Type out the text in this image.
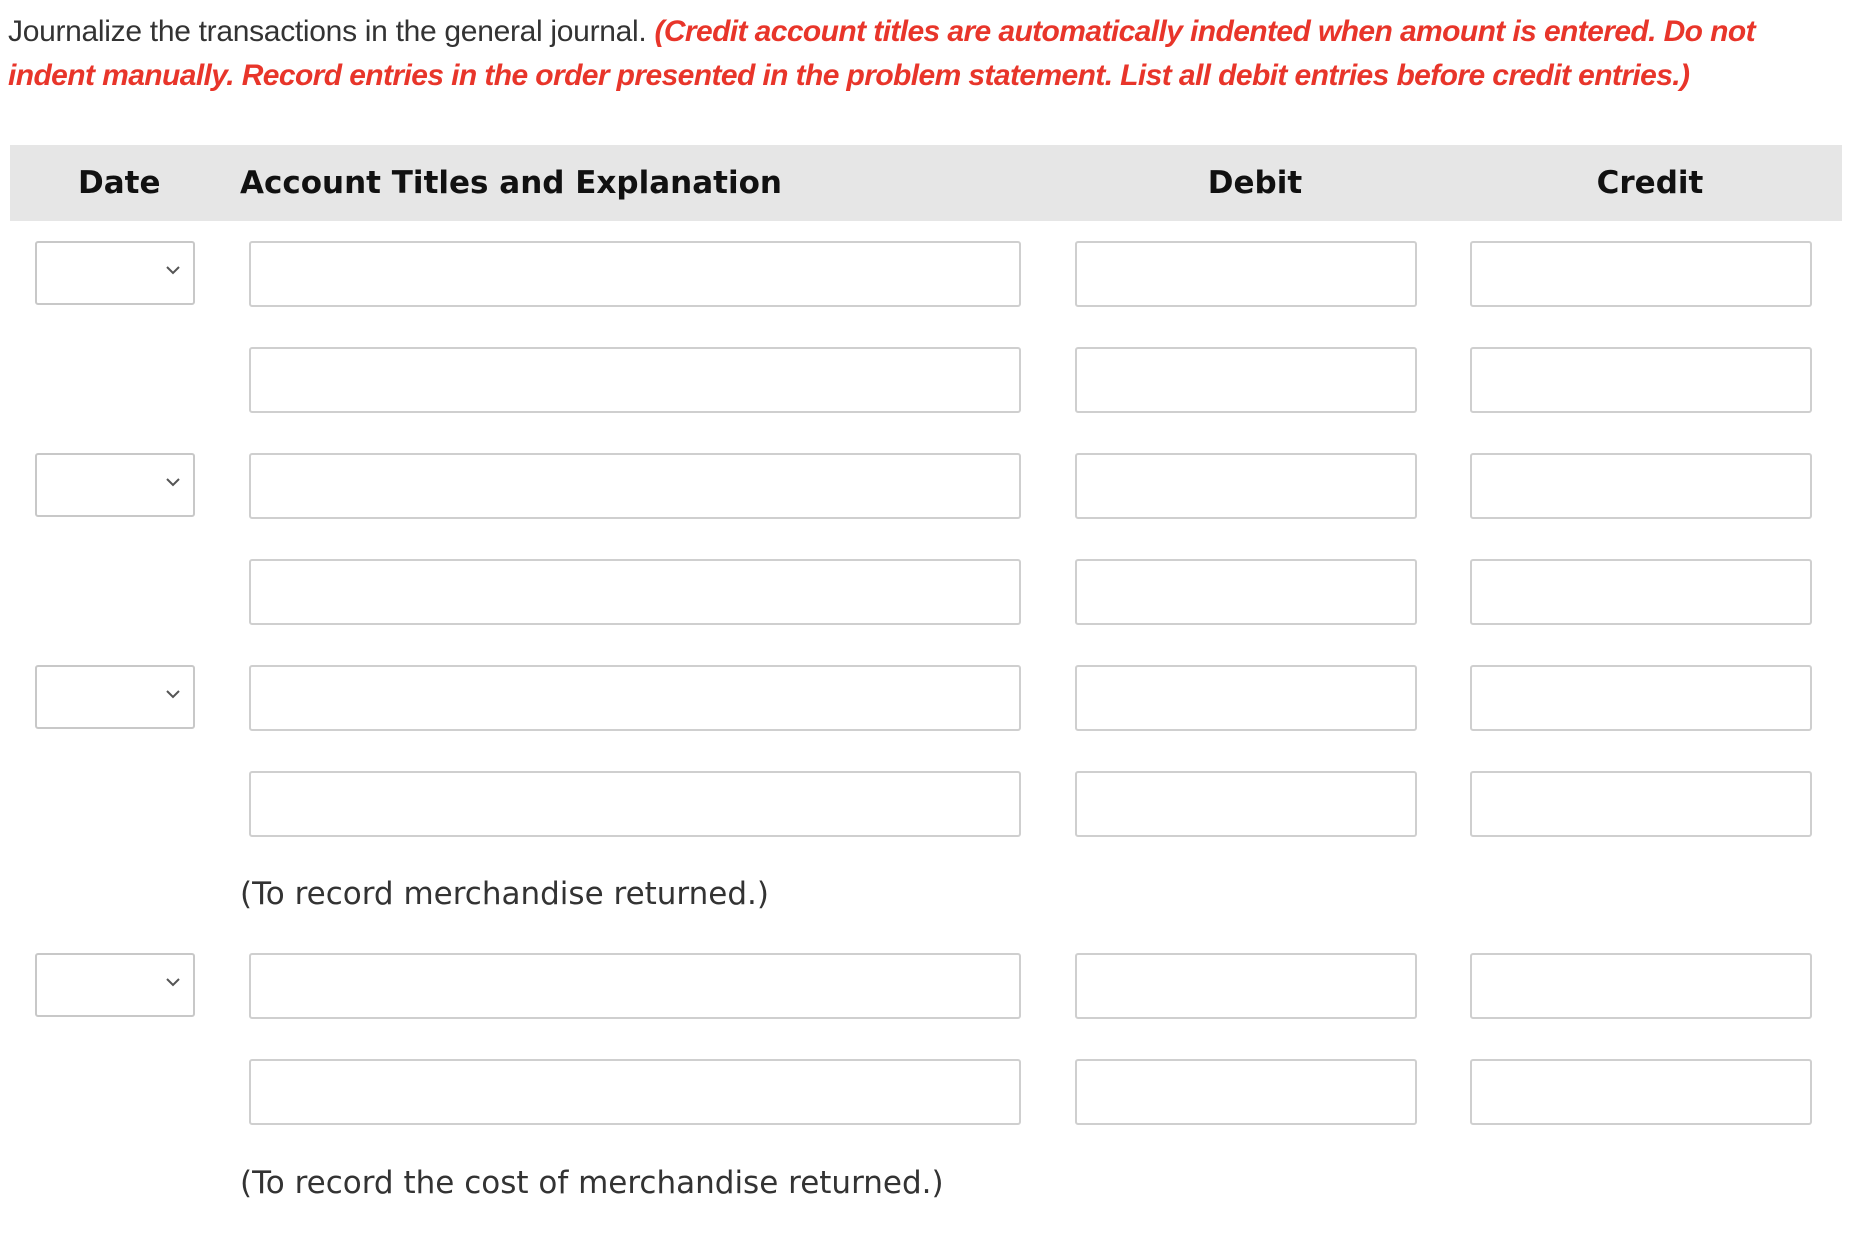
Journalize the transactions in the general journal. (Credit account titles are automatically indented when amount is entered. Do not indent manually. Record entries in the order presented in the problem statement. List all debit entries before credit entries.)
Date	Account Titles and Explanation	Debit	Credit
(To record merchandise returned.)
(To record the cost of merchandise returned.)
